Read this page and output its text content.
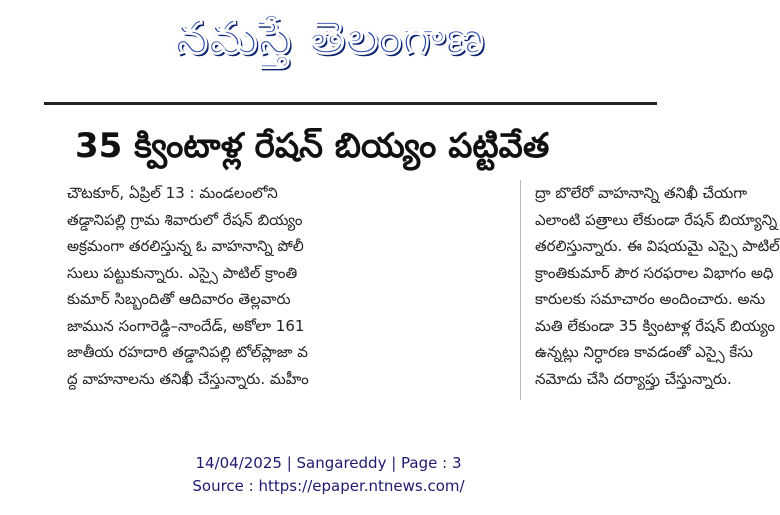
నమస్తే తెలంగాణ
35 క్వింటాళ్ల రేషన్ బియ్యం పట్టివేత
చౌటకూర్, ఏప్రిల్ 13 : మండలంలోని
తడ్డానిపల్లి గ్రామ శివారులో రేషన్ బియ్యం
అక్రమంగా తరలిస్తున్న ఓ వాహనాన్ని పోలీ
సులు పట్టుకున్నారు. ఎస్సై పాటిల్ క్రాంతి
కుమార్ సిబ్బందితో ఆదివారం తెల్లవారు
జామున సంగారెడ్డి–నాందేడ్, అకోలా 161
జాతీయ రహదారి తడ్డానిపల్లి టోల్‌ప్లాజా వ
ద్ద వాహనాలను తనిఖీ చేస్తున్నారు. మహీం
ద్రా బొలేరో వాహనాన్ని తనిఖీ చేయగా
ఎలాంటి పత్రాలు లేకుండా రేషన్ బియ్యాన్ని
తరలిస్తున్నారు. ఈ విషయమై ఎస్సై పాటిల్
క్రాంతికుమార్ పౌర సరఫరాల విభాగం అధి
కారులకు సమాచారం అందించారు. అను
మతి లేకుండా 35 క్వింటాళ్ల రేషన్ బియ్యం
ఉన్నట్లు నిర్ధారణ కావడంతో ఎస్సై కేసు
నమోదు చేసి దర్యాప్తు చేస్తున్నారు.
14/04/2025 | Sangareddy | Page : 3
Source : https://epaper.ntnews.com/
